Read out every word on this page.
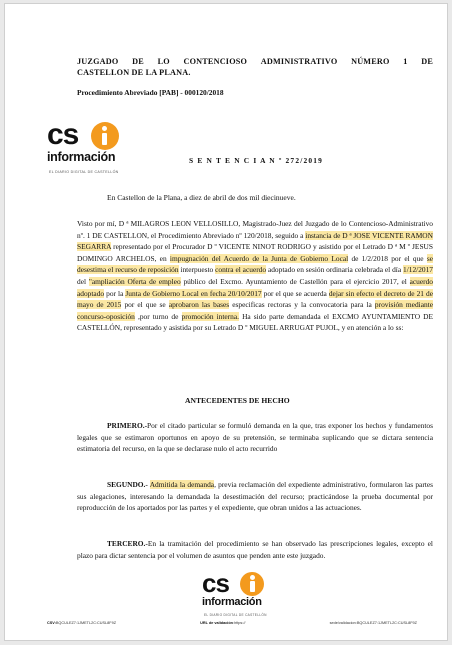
JUZGADO DE LO CONTENCIOSO ADMINISTRATIVO NÚMERO 1 DE
CASTELLON DE LA PLANA.
Procedimiento Abreviado [PAB] - 000120/2018
cs
información
EL DIARIO DIGITAL DE CASTELLÓN
S E N T E N C I A N º 272/2019
En Castellon de la Plana, a diez de abril de dos mil diecinueve.
Visto por mí, D ª MILAGROS LEON VELLOSILLO, Magistrado-Juez del Juzgado de lo Contencioso-Administrativo nº. 1 DE CASTELLON, el Procedimiento Abreviado nº 120/2018, seguido a instancia de D ª JOSE VICENTE RAMON SEGARRA representado por el Procurador D º VICENTE NINOT RODRIGO y asistido por el Letrado D ª M º JESUS DOMINGO ARCHELOS, en impugnación del Acuerdo de la Junta de Gobierno Local de 1/2/2018 por el que se desestima el recurso de reposición interpuesto contra el acuerdo adoptado en sesión ordinaria celebrada el día 1/12/2017 del "ampliación Oferta de empleo público del Excmo. Ayuntamiento de Castellón para el ejercicio 2017, el acuerdo adoptado por la Junta de Gobierno Local en fecha 20/10/2017 por el que se acuerda dejar sin efecto el decreto de 21 de mayo de 2015 por el que se aprobaron las bases especificas rectoras y la convocatoria para la provisión mediante concurso-oposición ,por turno de promoción interna. Ha sido parte demandada el EXCMO AYUNTAMIENTO DE CASTELLÓN, representado y asistida por su Letrado D º MIGUEL ARRUGAT PUJOL, y en atención a lo ss:
ANTECEDENTES DE HECHO
PRIMERO.-Por el citado particular se formuló demanda en la que, tras exponer los hechos y fundamentos legales que se estimaron oportunos en apoyo de su pretensión, se terminaba suplicando que se dictara sentencia estimatoria del recurso, en la que se declarase nulo el acto recurrido
SEGUNDO.- Admitida la demanda, previa reclamación del expediente administrativo, formularon las partes sus alegaciones, interesando la demandada la desestimación del recurso; practicándose la prueba documental por reproducción de los aportados por las partes y el expediente, que obran unidos a las actuaciones.
TERCERO.-En la tramitación del procedimiento se han observado las prescripciones legales, excepto el plazo para dictar sentencia por el volumen de asuntos que penden ante este juzgado.
cs
información
EL DIARIO DIGITAL DE CASTELLÓN
CSV:BQCULEZ7:1JMETL2C:CUSL8F9Z	URL de validación:https://	sede/validacion:BQCULEZ7:1JMETL2C:CUSL8F9Z
